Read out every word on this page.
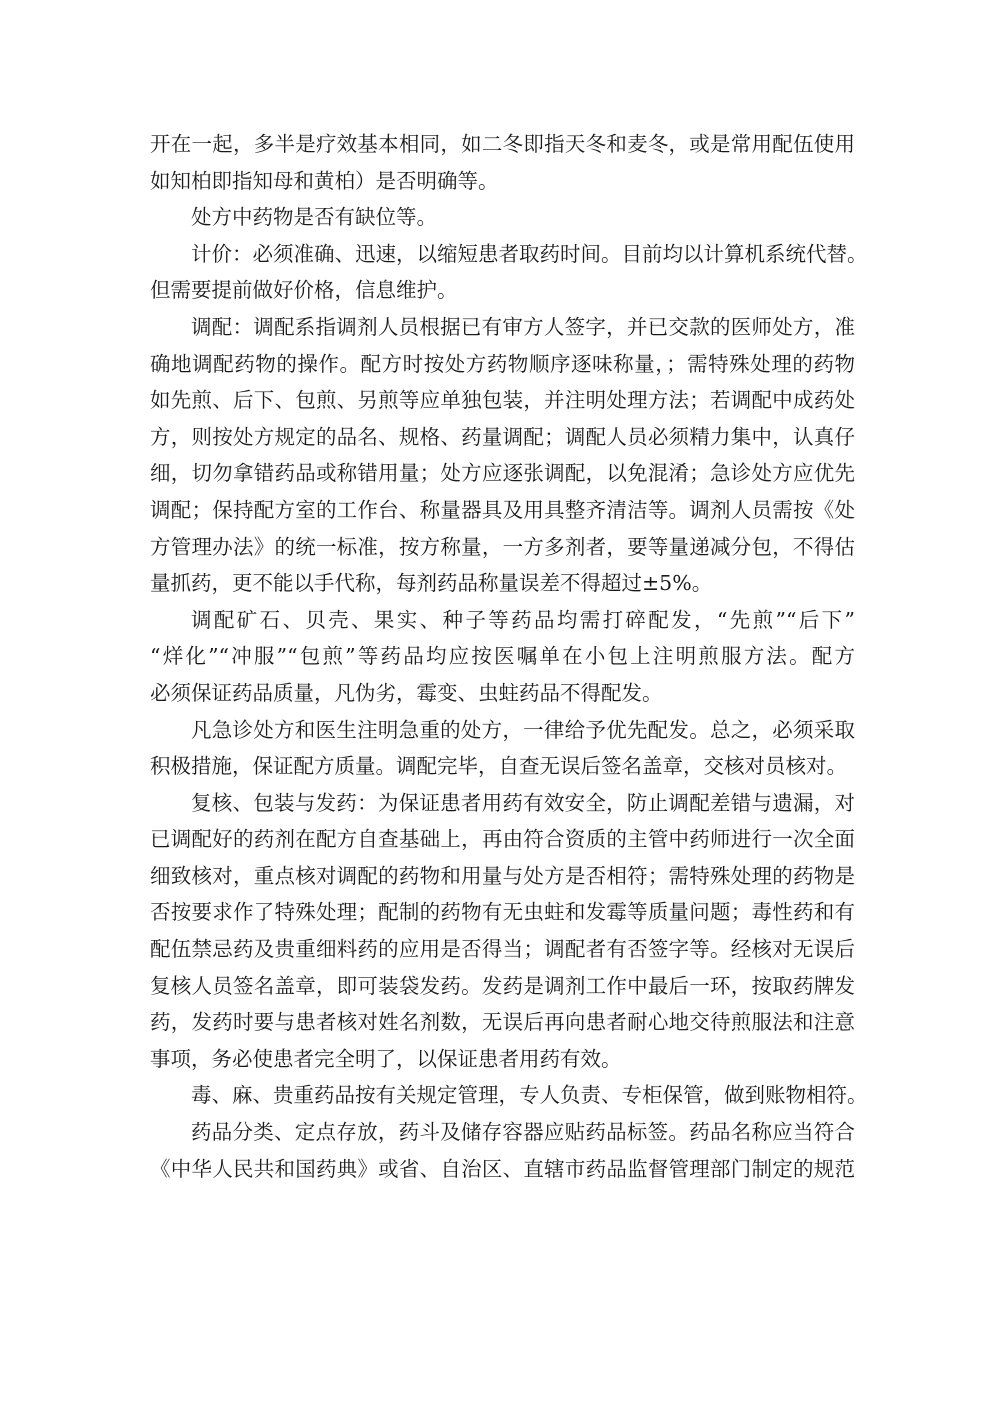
开在一起，多半是疗效基本相同，如二冬即指天冬和麦冬，或是常用配伍使用
如知柏即指知母和黄柏）是否明确等。
处方中药物是否有缺位等。
计价：必须准确、迅速，以缩短患者取药时间。目前均以计算机系统代替。
但需要提前做好价格，信息维护。
调配：调配系指调剂人员根据已有审方人签字，并已交款的医师处方，准
确地调配药物的操作。配方时按处方药物顺序逐味称量，；需特殊处理的药物
如先煎、后下、包煎、另煎等应单独包装，并注明处理方法；若调配中成药处
方，则按处方规定的品名、规格、药量调配；调配人员必须精力集中，认真仔
细，切勿拿错药品或称错用量；处方应逐张调配，以免混淆；急诊处方应优先
调配；保持配方室的工作台、称量器具及用具整齐清洁等。调剂人员需按《处
方管理办法》的统一标准，按方称量，一方多剂者，要等量递减分包，不得估
量抓药，更不能以手代称，每剂药品称量误差不得超过±5%。
调配矿石、贝壳、果实、种子等药品均需打碎配发，“先煎”“后下”
“烊化”“冲服”“包煎”等药品均应按医嘱单在小包上注明煎服方法。配方
必须保证药品质量，凡伪劣，霉变、虫蛀药品不得配发。
凡急诊处方和医生注明急重的处方，一律给予优先配发。总之，必须采取
积极措施，保证配方质量。调配完毕，自查无误后签名盖章，交核对员核对。
复核、包装与发药：为保证患者用药有效安全，防止调配差错与遗漏，对
已调配好的药剂在配方自查基础上，再由符合资质的主管中药师进行一次全面
细致核对，重点核对调配的药物和用量与处方是否相符；需特殊处理的药物是
否按要求作了特殊处理；配制的药物有无虫蛀和发霉等质量问题；毒性药和有
配伍禁忌药及贵重细料药的应用是否得当；调配者有否签字等。经核对无误后
复核人员签名盖章，即可装袋发药。发药是调剂工作中最后一环，按取药牌发
药，发药时要与患者核对姓名剂数，无误后再向患者耐心地交待煎服法和注意
事项，务必使患者完全明了，以保证患者用药有效。
毒、麻、贵重药品按有关规定管理，专人负责、专柜保管，做到账物相符。
药品分类、定点存放，药斗及储存容器应贴药品标签。药品名称应当符合
《中华人民共和国药典》或省、自治区、直辖市药品监督管理部门制定的规范
